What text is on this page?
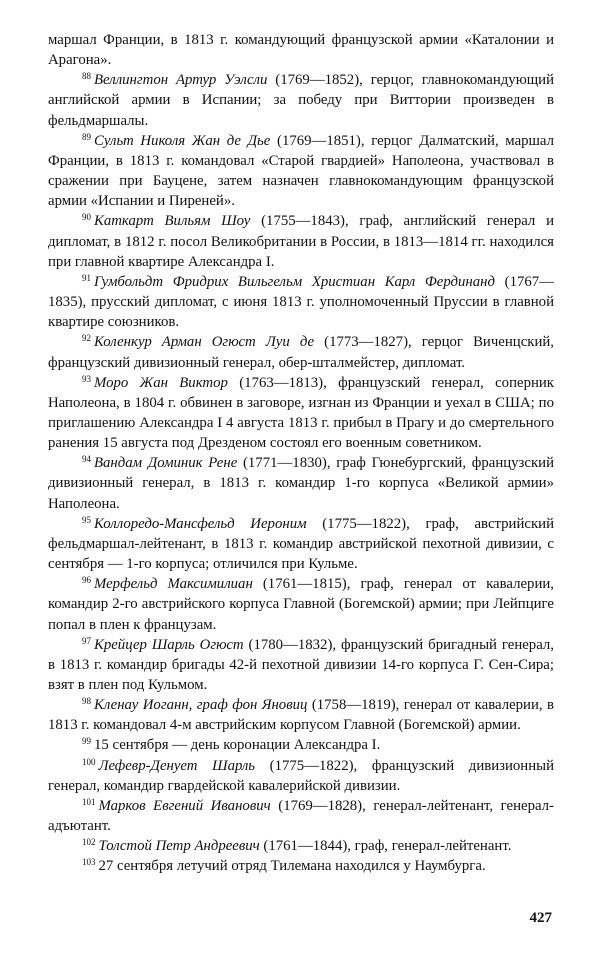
маршал Франции, в 1813 г. командующий французской армии «Каталонии и Арагона».

$^{88}$ Веллингтон Артур Уэлсли (1769—1852), герцог, главнокомандующий английской армии в Испании; за победу при Виттории произведен в фельдмаршалы.

$^{89}$ Сульт Николя Жан де Дье (1769—1851), герцог Далматский, маршал Франции, в 1813 г. командовал «Старой гвардией» Наполеона, участвовал в сражении при Бауцене, затем назначен главнокомандующим французской армии «Испании и Пиреней».

$^{90}$ Каткарт Вильям Шоу (1755—1843), граф, английский генерал и дипломат, в 1812 г. посол Великобритании в России, в 1813—1814 гг. находился при главной квартире Александра I.

$^{91}$ Гумбольдт Фридрих Вильгельм Христиан Карл Фердинанд (1767—1835), прусский дипломат, с июня 1813 г. уполномоченный Пруссии в главной квартире союзников.

$^{92}$ Коленкур Арман Огюст Луи де (1773—1827), герцог Виченцский, французский дивизионный генерал, обер-шталмейстер, дипломат.

$^{93}$ Моро Жан Виктор (1763—1813), французский генерал, соперник Наполеона, в 1804 г. обвинен в заговоре, изгнан из Франции и уехал в США; по приглашению Александра I 4 августа 1813 г. прибыл в Прагу и до смертельного ранения 15 августа под Дрезденом состоял его военным советником.

$^{94}$ Вандам Доминик Рене (1771—1830), граф Гюнебургский, французский дивизионный генерал, в 1813 г. командир 1-го корпуса «Великой армии» Наполеона.

$^{95}$ Коллоредо-Мансфельд Иероним (1775—1822), граф, австрийский фельдмаршал-лейтенант, в 1813 г. командир австрийской пехотной дивизии, с сентября — 1-го корпуса; отличился при Кульме.

$^{96}$ Мерфельд Максимилиан (1761—1815), граф, генерал от кавалерии, командир 2-го австрийского корпуса Главной (Богемской) армии; при Лейпциге попал в плен к французам.

$^{97}$ Крейцер Шарль Огюст (1780—1832), французский бригадный генерал, в 1813 г. командир бригады 42-й пехотной дивизии 14-го корпуса Г. Сен-Сира; взят в плен под Кульмом.

$^{98}$ Кленау Иоганн, граф фон Яновиц (1758—1819), генерал от кавалерии, в 1813 г. командовал 4-м австрийским корпусом Главной (Богемской) армии.

$^{99}$ 15 сентября — день коронации Александра I.

$^{100}$ Лефевр-Денует Шарль (1775—1822), французский дивизионный генерал, командир гвардейской кавалерийской дивизии.

$^{101}$ Марков Евгений Иванович (1769—1828), генерал-лейтенант, генерал-адъютант.

$^{102}$ Толстой Петр Андреевич (1761—1844), граф, генерал-лейтенант.

$^{103}$ 27 сентября летучий отряд Тилемана находился у Наумбурга.

427
